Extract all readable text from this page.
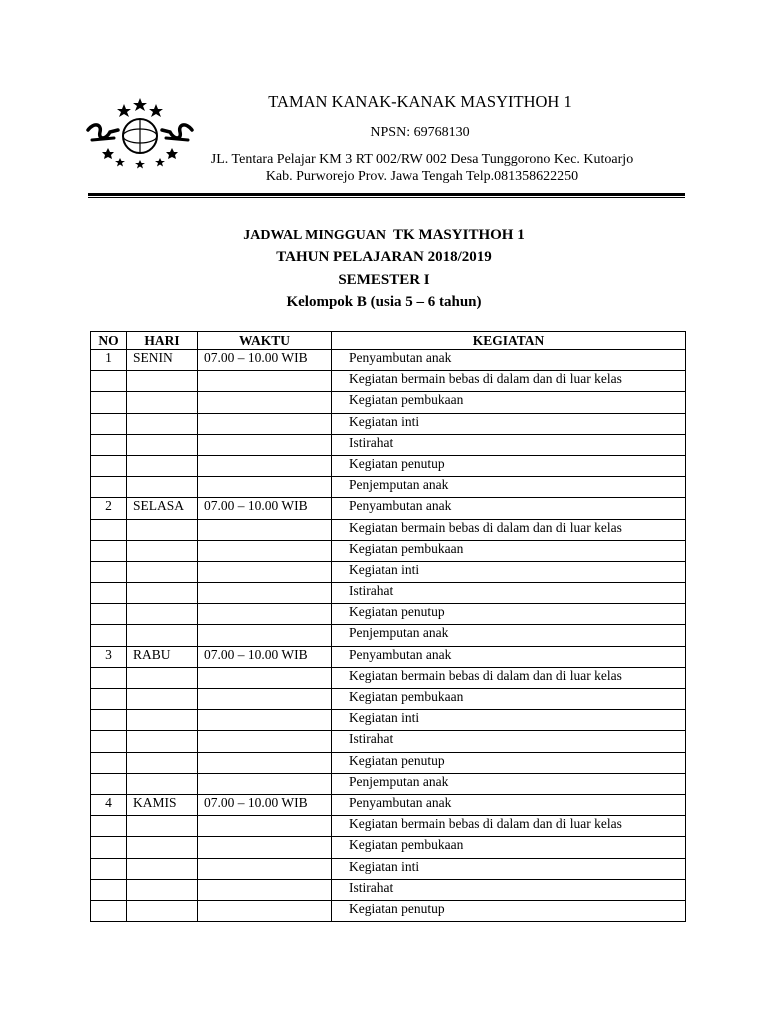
TAMAN KANAK-KANAK MASYITHOH 1
NPSN: 69768130
JL. Tentara Pelajar KM 3 RT 002/RW 002 Desa Tunggorono Kec. Kutoarjo
Kab. Purworejo Prov. Jawa Tengah Telp.081358622250
JADWAL MINGGUAN TK MASYITHOH 1
TAHUN PELAJARAN 2018/2019
SEMESTER I
Kelompok B (usia 5 – 6 tahun)
NO	HARI	WAKTU	KEGIATAN
1	SENIN	07.00 – 10.00 WIB	Penyambutan anak
			Kegiatan bermain bebas di dalam dan di luar kelas
			Kegiatan pembukaan
			Kegiatan inti
			Istirahat
			Kegiatan penutup
			Penjemputan anak
2	SELASA	07.00 – 10.00 WIB	Penyambutan anak
			Kegiatan bermain bebas di dalam dan di luar kelas
			Kegiatan pembukaan
			Kegiatan inti
			Istirahat
			Kegiatan penutup
			Penjemputan anak
3	RABU	07.00 – 10.00 WIB	Penyambutan anak
			Kegiatan bermain bebas di dalam dan di luar kelas
			Kegiatan pembukaan
			Kegiatan inti
			Istirahat
			Kegiatan penutup
			Penjemputan anak
4	KAMIS	07.00 – 10.00 WIB	Penyambutan anak
			Kegiatan bermain bebas di dalam dan di luar kelas
			Kegiatan pembukaan
			Kegiatan inti
			Istirahat
			Kegiatan penutup
